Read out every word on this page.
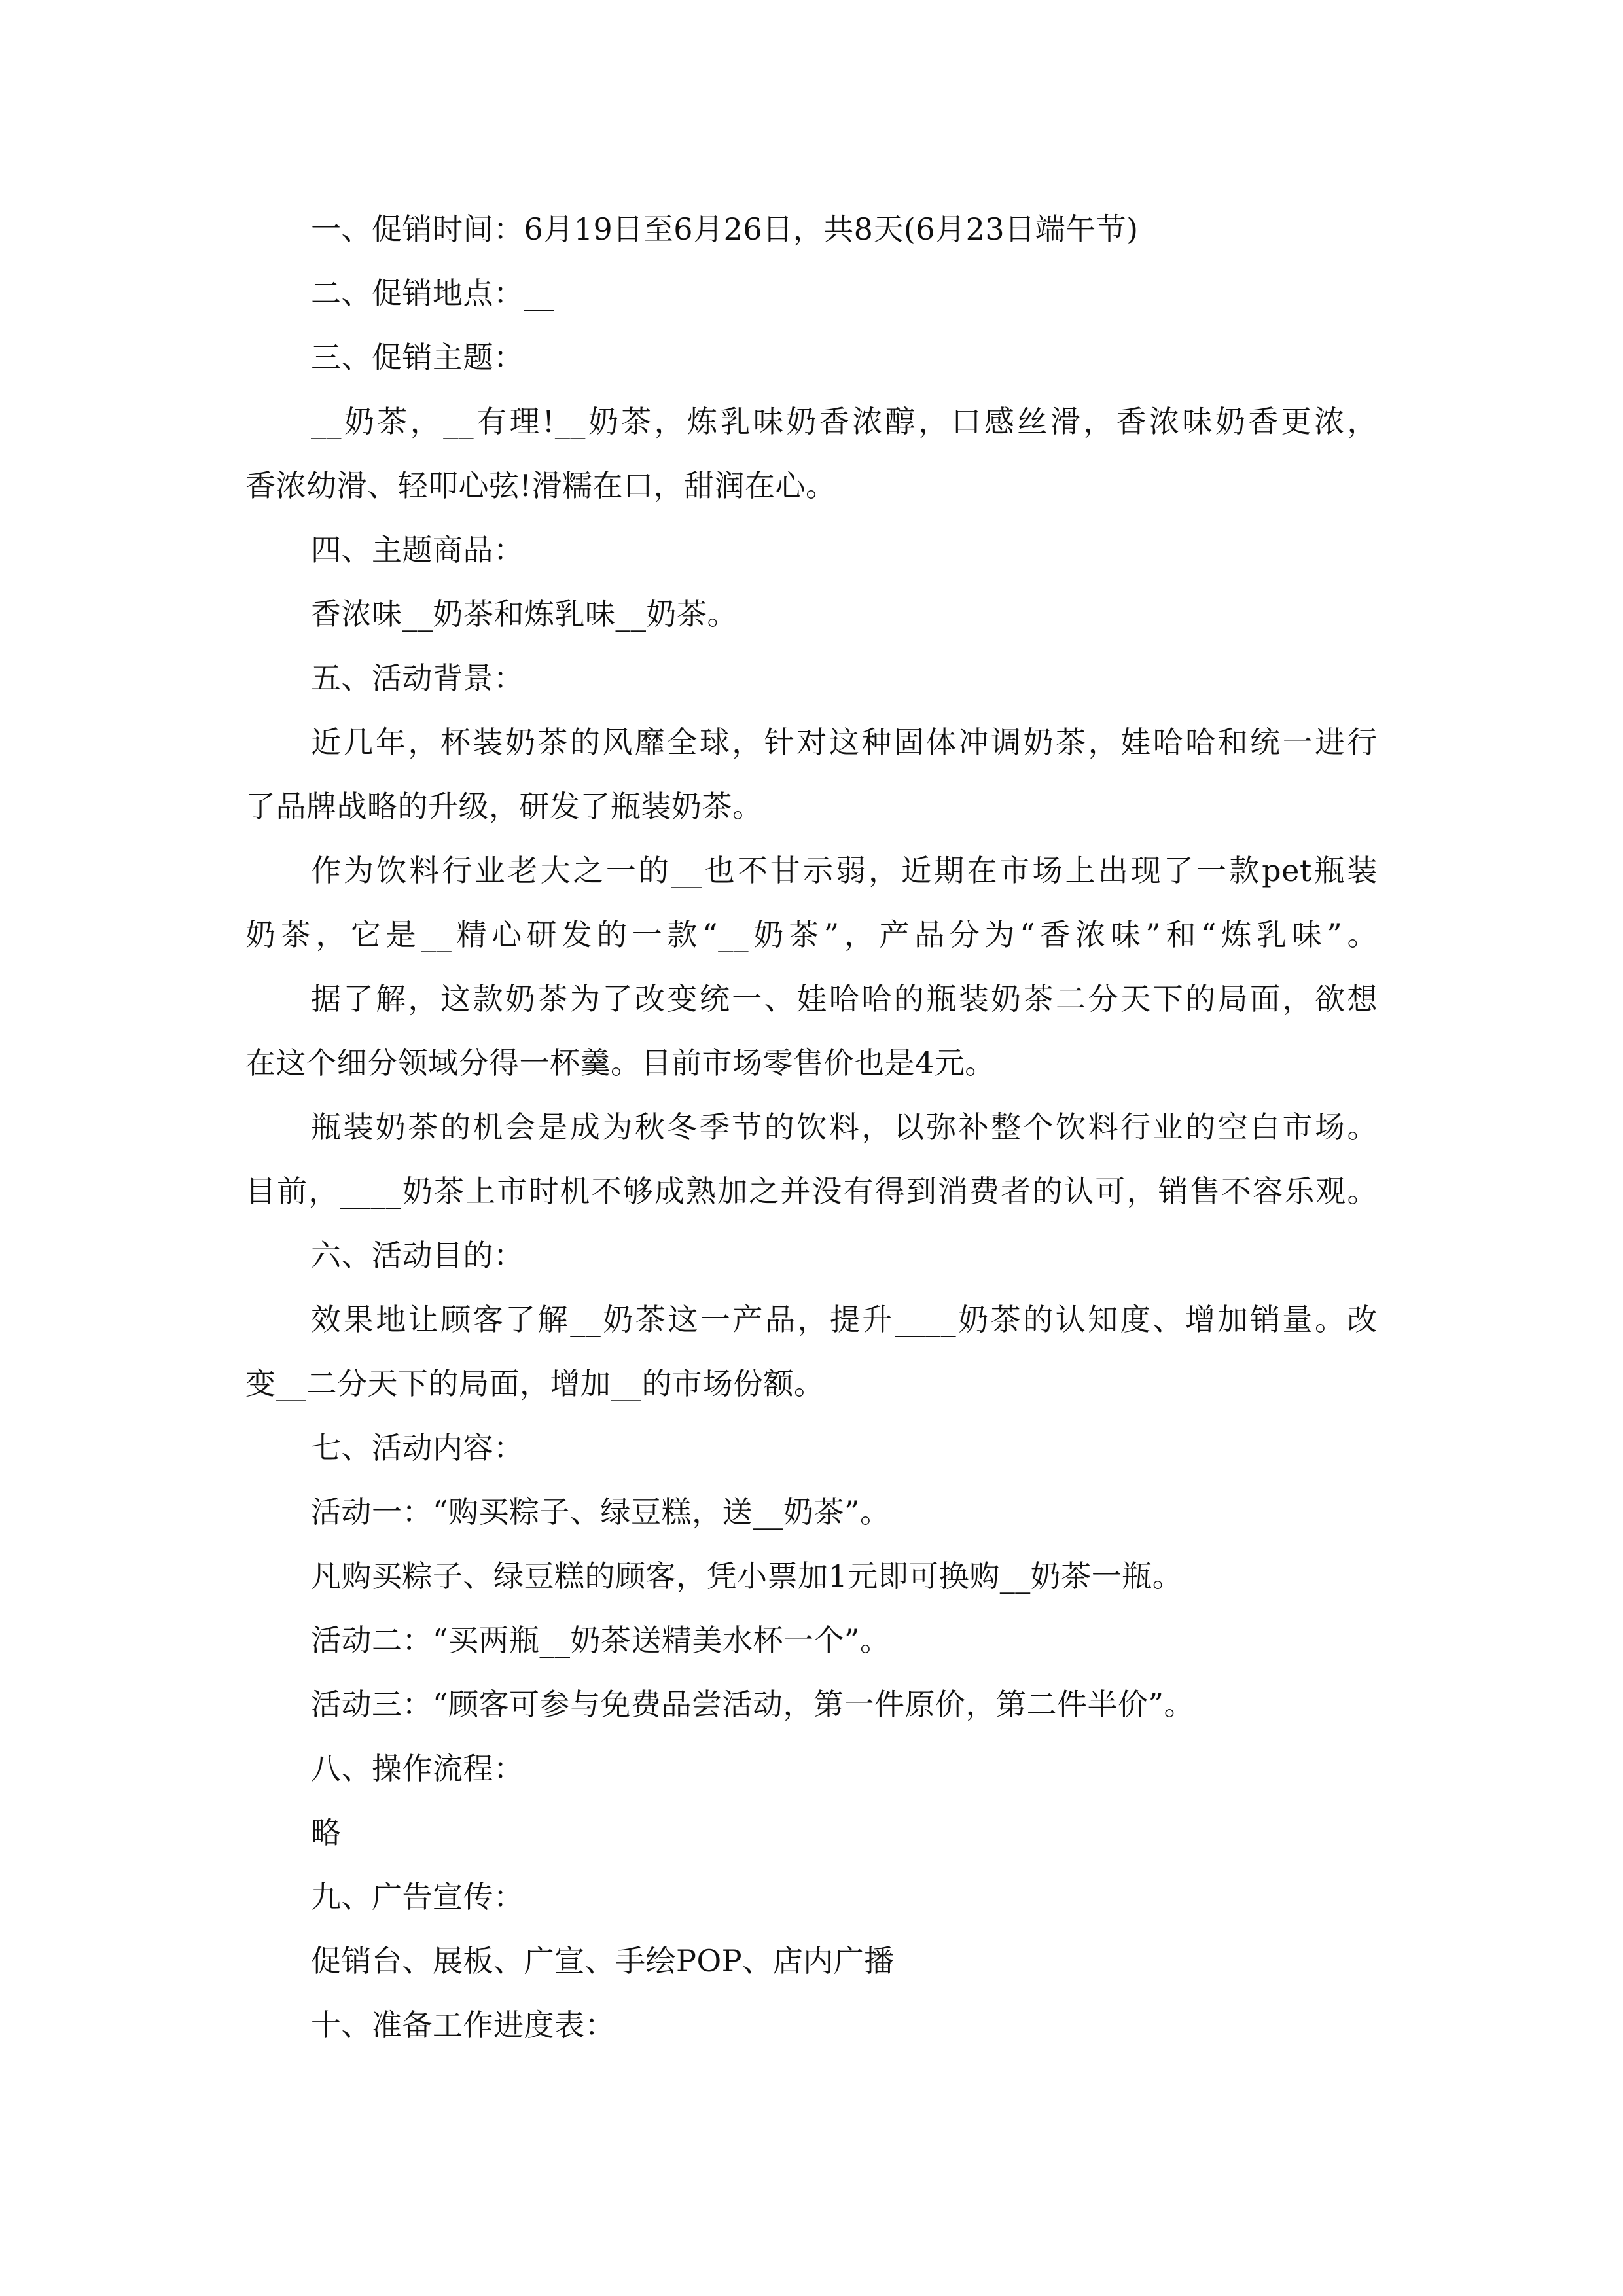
一、促销时间：6月19日至6月26日，共8天(6月23日端午节)
二、促销地点：__
三、促销主题：
__奶茶，__有理!__奶茶，炼乳味奶香浓醇，口感丝滑，香浓味奶香更浓，
香浓幼滑、轻叩心弦!滑糯在口，甜润在心。
四、主题商品：
香浓味__奶茶和炼乳味__奶茶。
五、活动背景：
近几年，杯装奶茶的风靡全球，针对这种固体冲调奶茶，娃哈哈和统一进行
了品牌战略的升级，研发了瓶装奶茶。
作为饮料行业老大之一的__也不甘示弱，近期在市场上出现了一款pet瓶装
奶茶，它是__精心研发的一款“__奶茶”，产品分为“香浓味”和“炼乳味”。
据了解，这款奶茶为了改变统一、娃哈哈的瓶装奶茶二分天下的局面，欲想
在这个细分领域分得一杯羹。目前市场零售价也是4元。
瓶装奶茶的机会是成为秋冬季节的饮料，以弥补整个饮料行业的空白市场。
目前，____奶茶上市时机不够成熟加之并没有得到消费者的认可，销售不容乐观。
六、活动目的：
效果地让顾客了解__奶茶这一产品，提升____奶茶的认知度、增加销量。改
变__二分天下的局面，增加__的市场份额。
七、活动内容：
活动一：“购买粽子、绿豆糕，送__奶茶”。
凡购买粽子、绿豆糕的顾客，凭小票加1元即可换购__奶茶一瓶。
活动二：“买两瓶__奶茶送精美水杯一个”。
活动三：“顾客可参与免费品尝活动，第一件原价，第二件半价”。
八、操作流程：
略
九、广告宣传：
促销台、展板、广宣、手绘POP、店内广播
十、准备工作进度表：
